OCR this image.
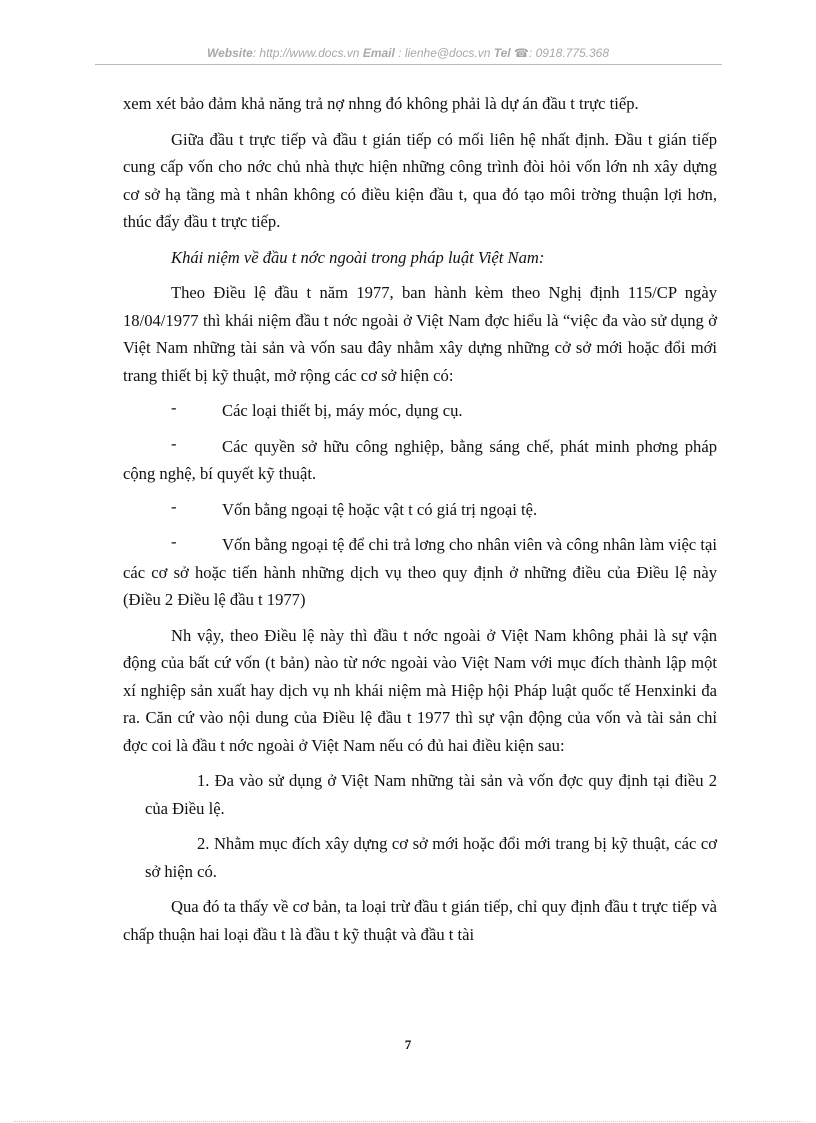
Website: http://www.docs.vn Email : lienhe@docs.vn Tel ☎: 0918.775.368

xem xét bảo đảm khả năng trả nợ nhng đó không phải là dự án đầu t trực tiếp.

Giữa đầu t trực tiếp và đầu t gián tiếp có mối liên hệ nhất định. Đầu t gián tiếp cung cấp vốn cho nớc chủ nhà thực hiện những công trình đòi hỏi vốn lớn nh xây dựng cơ sở hạ tầng mà t nhân không có điều kiện đầu t, qua đó tạo môi trờng thuận lợi hơn, thúc đẩy đầu t trực tiếp.

Khái niệm về đầu t nớc ngoài trong pháp luật Việt Nam:

Theo Điều lệ đầu t năm 1977, ban hành kèm theo Nghị định 115/CP ngày 18/04/1977 thì khái niệm đầu t nớc ngoài ở Việt Nam đợc hiểu là “việc đa vào sử dụng ở Việt Nam những tài sản và vốn sau đây nhằm xây dựng những cở sở mới hoặc đổi mới trang thiết bị kỹ thuật, mở rộng các cơ sở hiện có:

-	Các loại thiết bị, máy móc, dụng cụ.

-	Các quyền sở hữu công nghiệp, bằng sáng chế, phát minh phơng pháp cộng nghệ, bí quyết kỹ thuật.

-	Vốn bằng ngoại tệ hoặc vật t có giá trị ngoại tệ.

-	Vốn bằng ngoại tệ để chi trả lơng cho nhân viên và công nhân làm việc tại các cơ sở hoặc tiến hành những dịch vụ theo quy định ở những điều của Điều lệ này (Điều 2 Điều lệ đầu t 1977)

Nh vậy, theo Điều lệ này thì đầu t nớc ngoài ở Việt Nam không phải là sự vận động của bất cứ vốn (t bản) nào từ nớc ngoài vào Việt Nam với mục đích thành lập một xí nghiệp sản xuất hay dịch vụ nh khái niệm mà Hiệp hội Pháp luật quốc tế Henxinki đa ra. Căn cứ vào nội dung của Điều lệ đầu t 1977 thì sự vận động của vốn và tài sản chỉ đợc coi là đầu t nớc ngoài ở Việt Nam nếu có đủ hai điều kiện sau:

1. Đa vào sử dụng ở Việt Nam những tài sản và vốn đợc quy định tại điều 2 của Điều lệ.

2. Nhằm mục đích xây dựng cơ sở mới hoặc đổi mới trang bị kỹ thuật, các cơ sở hiện có.

Qua đó ta thấy về cơ bản, ta loại trừ đầu t gián tiếp, chỉ quy định đầu t trực tiếp và chấp thuận hai loại đầu t là đầu t kỹ thuật và đầu t tài

7
